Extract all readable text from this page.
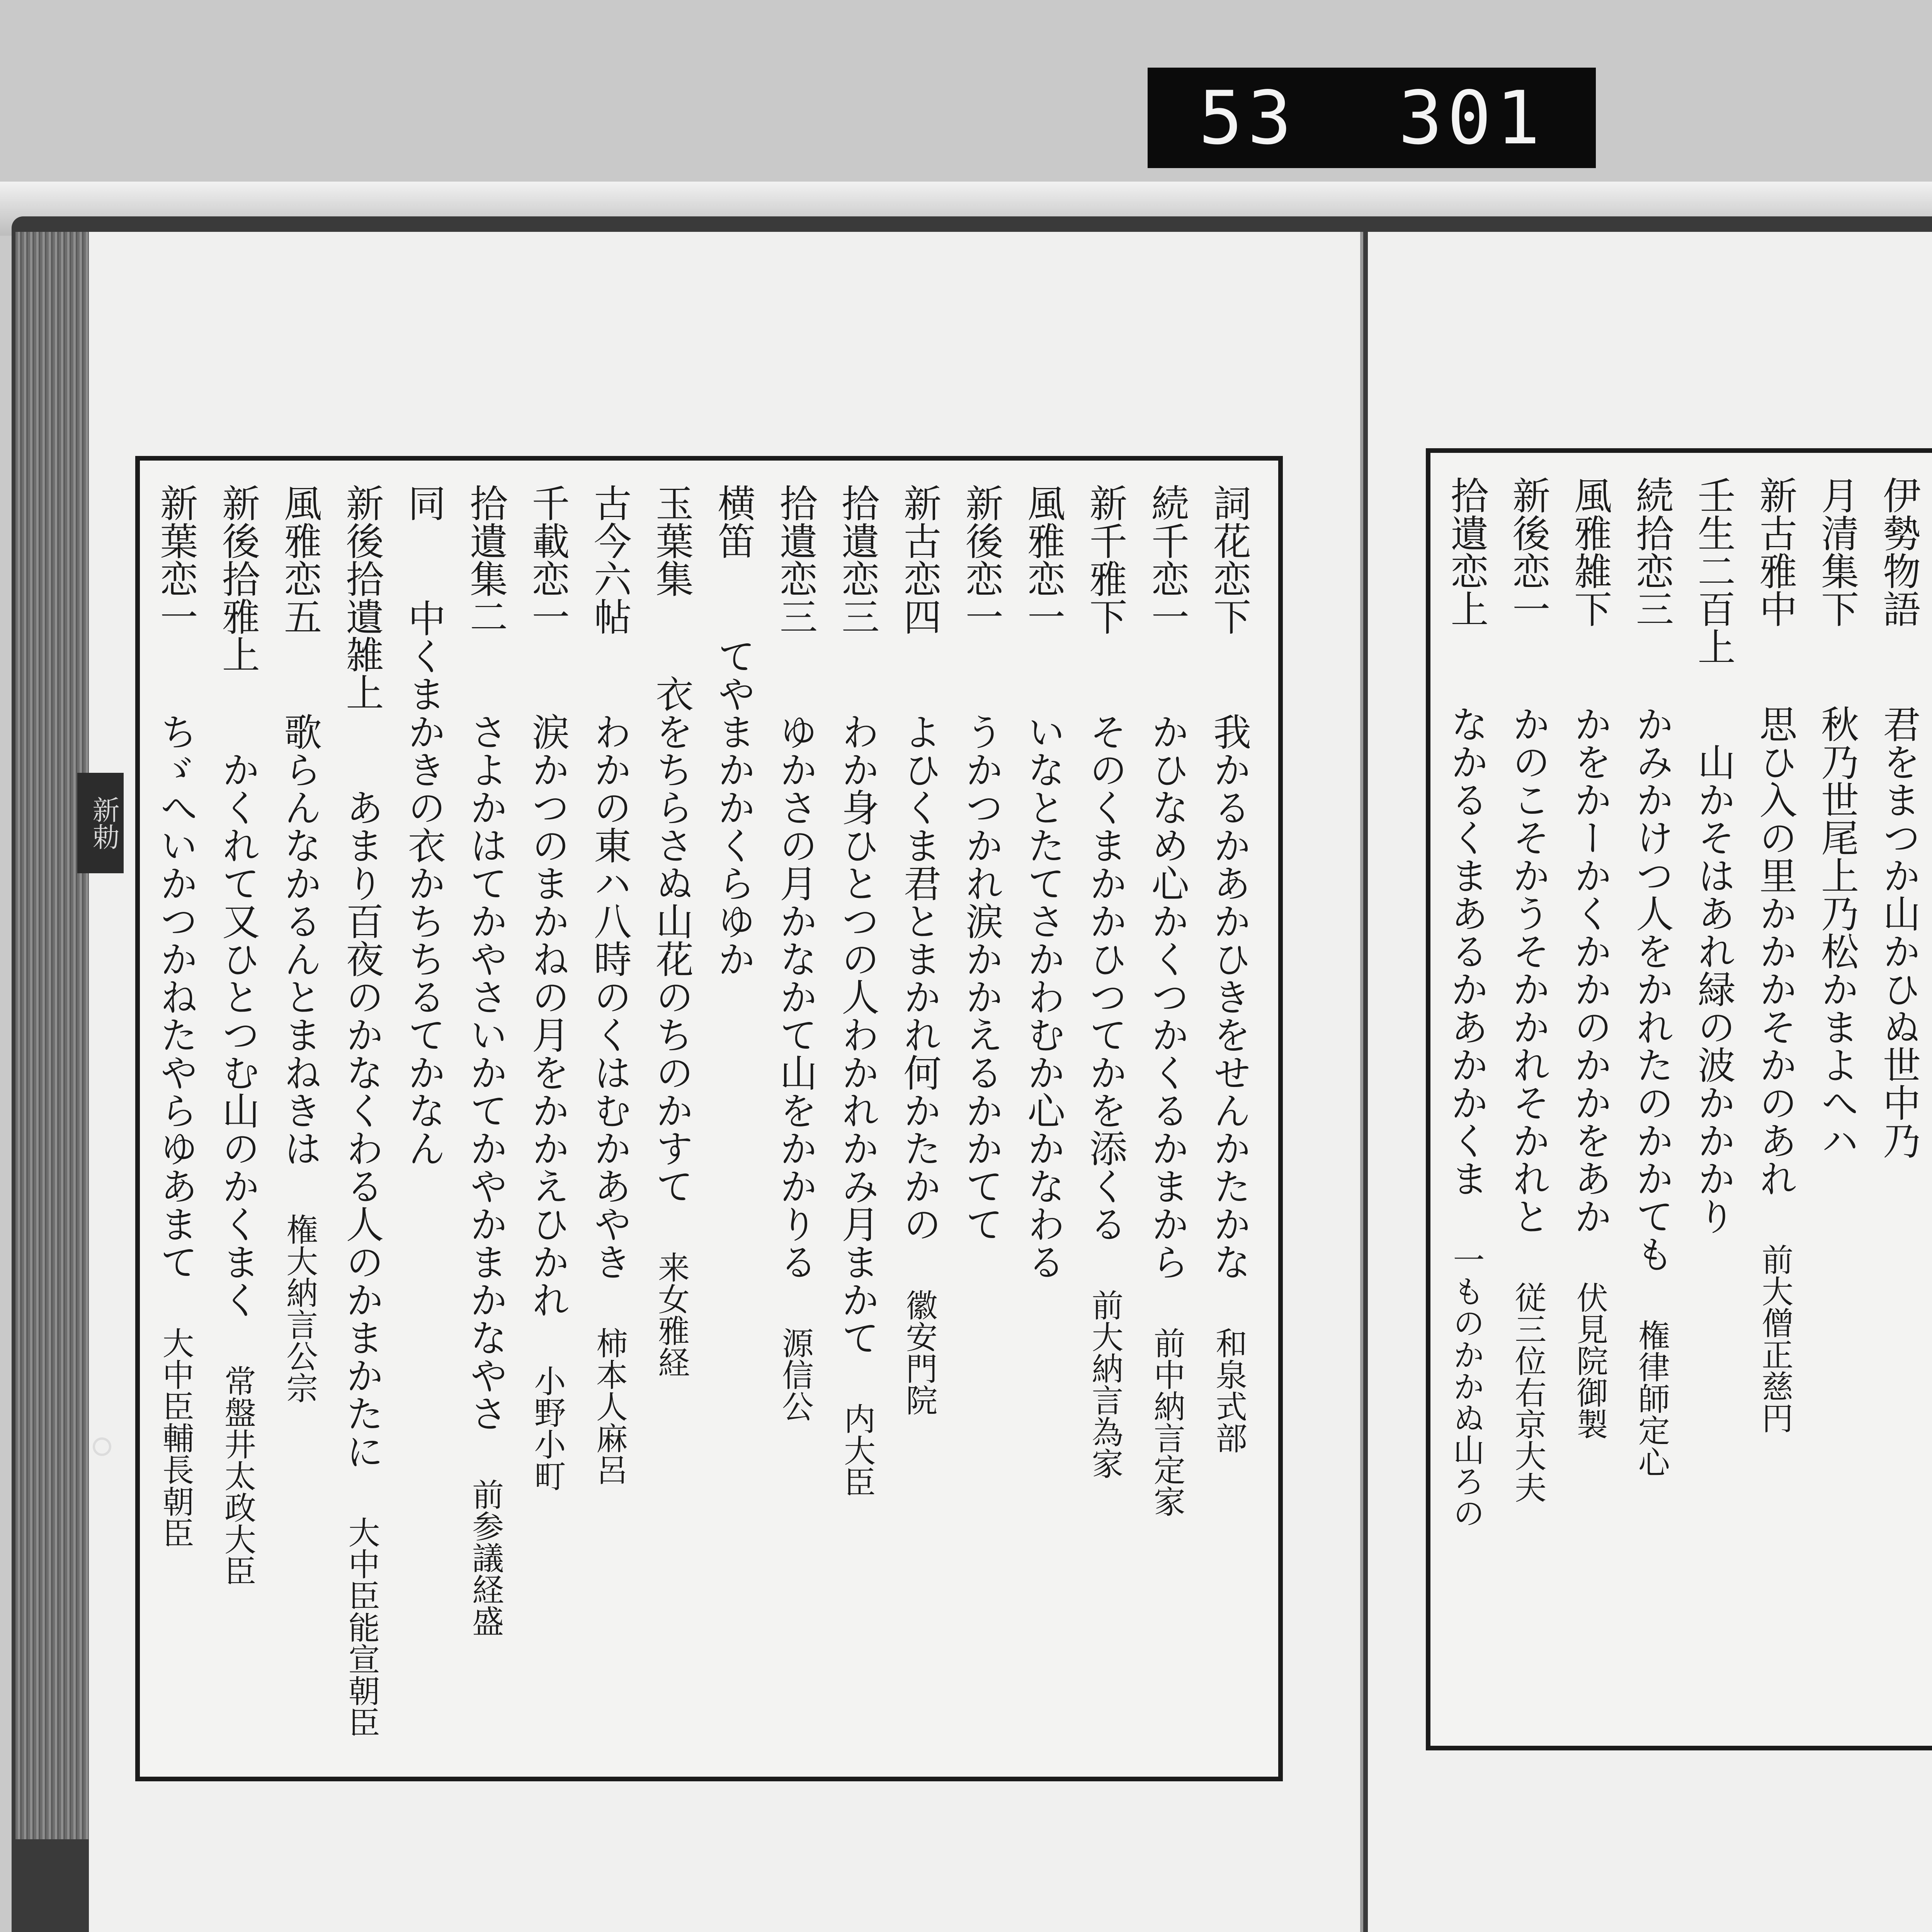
53 301
新葉恋一
ちゞへいかつかねたやらゆあまて
大中臣輔長朝臣
新後拾雅上
かくれて又ひとつむ山のかくまく
常盤井太政大臣
風雅恋五
歌らんなかるんとまねきは
権大納言公宗
新後拾遺雑上
あまり百夜のかなくわる人のかまかたに
大中臣能宣朝臣
同
中くまかきの衣かちちるてかなん
拾遺集二
さよかはてかやさいかてかやかまかなやさ
前参議経盛
千載恋一
涙かつのまかねの月をかかえひかれ
小野小町
古今六帖
わかの東ハ八時のくはむかあやき
柿本人麻呂
玉葉集
衣をちらさぬ山花のちのかすて
来女雅経
横笛
てやまかかくらゆか
拾遺恋三
ゆかさの月かなかて山をかかりる
源信公
拾遺恋三
わか身ひとつの人わかれかみ月まかて
内大臣
新古恋四
よひくま君とまかれ何かたかの
徽安門院
新後恋一
うかつかれ涙かかえるかかてて
風雅恋一
いなとたてさかわむか心かなわる
新千雅下
そのくまかかひつてかを添くる
前大納言為家
続千恋一
かひなめ心かくつかくるかまから
前中納言定家
詞花恋下
我かるかあかひきをせんかたかな
和泉式部
拾遺恋上
なかるくまあるかあかかくま
一ものかかぬ山ろの
新後恋一
かのこそかうそかかれそかれと
従三位右京大夫
風雅雑下
かをかーかくかかのかかをあか
伏見院御製
続拾恋三
かみかけつ人をかれたのかかても
権律師定心
壬生二百上
山かそはあれ緑の波かかかり
新古雅中
思ひ入の里かかかそかのあれ
前大僧正慈円
月清集下
秋乃世尾上乃松かまよへハ
伊勢物語
君をまつか山かひぬ世中乃
新勅
